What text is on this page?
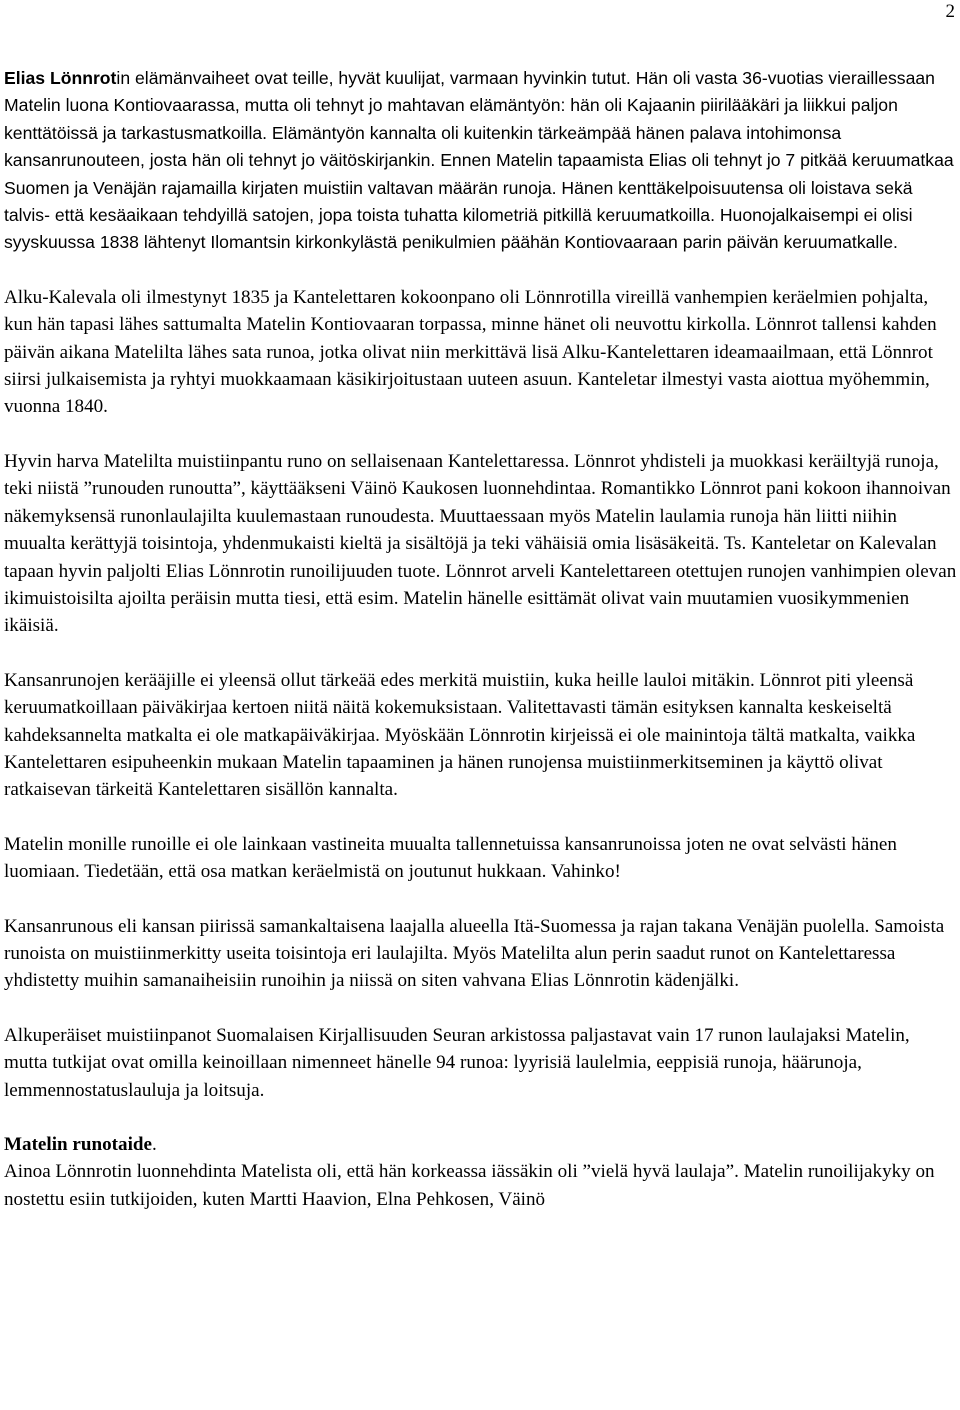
2

Elias Lönnrotin elämänvaiheet ovat teille, hyvät kuulijat, varmaan hyvinkin tutut. Hän oli vasta 36-vuotias vieraillessaan Matelin luona Kontiovaarassa, mutta oli tehnyt jo mahtavan elämäntyön: hän oli Kajaanin piirilääkäri ja liikkui paljon kenttätöissä ja tarkastusmatkoilla. Elämäntyön kannalta oli kuitenkin tärkeämpää hänen palava intohimonsa kansanrunouteen, josta hän oli tehnyt jo väitöskirjankin. Ennen Matelin tapaamista Elias oli tehnyt jo 7 pitkää keruumatkaa Suomen ja Venäjän rajamailla kirjaten muistiin valtavan määrän runoja. Hänen kenttäkelpoisuutensa oli loistava sekä talvis- että kesäaikaan tehdyillä satojen, jopa toista tuhatta kilometriä pitkillä keruumatkoilla. Huonojalkaisempi ei olisi syyskuussa 1838 lähtenyt Ilomantsin kirkonkylästä penikulmien päähän Kontiovaaraan parin päivän keruumatkalle.

Alku-Kalevala oli ilmestynyt 1835 ja Kantelettaren kokoonpano oli Lönnrotilla vireillä vanhempien keräelmien pohjalta, kun hän tapasi lähes sattumalta Matelin Kontiovaaran torpassa, minne hänet oli neuvottu kirkolla. Lönnrot tallensi kahden päivän aikana Matelilta lähes sata runoa, jotka olivat niin merkittävä lisä Alku-Kantelettaren ideamaailmaan, että Lönnrot siirsi julkaisemista ja ryhtyi muokkaamaan käsikirjoitustaan uuteen asuun. Kanteletar ilmestyi vasta aiottua myöhemmin, vuonna 1840.

Hyvin harva Matelilta muistiinpantu runo on sellaisenaan Kantelettaressa. Lönnrot yhdisteli ja muokkasi keräiltyjä runoja, teki niistä ”runouden runoutta”, käyttääkseni Väinö Kaukosen luonnehdintaa. Romantikko Lönnrot pani kokoon ihannoivan näkemyksensä runonlaulajilta kuulemastaan runoudesta. Muuttaessaan myös Matelin laulamia runoja hän liitti niihin muualta kerättyjä toisintoja, yhdenmukaisti kieltä ja sisältöjä ja teki vähäisiä omia lisäsäkeitä. Ts. Kanteletar on Kalevalan tapaan hyvin paljolti Elias Lönnrotin runoilijuuden tuote. Lönnrot arveli Kantelettareen otettujen runojen vanhimpien olevan ikimuistoisilta ajoilta peräisin mutta tiesi, että esim. Matelin hänelle esittämät olivat vain muutamien vuosikymmenien ikäisiä.

Kansanrunojen kerääjille ei yleensä ollut tärkeää edes merkitä muistiin, kuka heille lauloi mitäkin. Lönnrot piti yleensä keruumatkoillaan päiväkirjaa kertoen niitä näitä kokemuksistaan. Valitettavasti tämän esityksen kannalta keskeiseltä kahdeksannelta matkalta ei ole matkapäiväkirjaa. Myöskään Lönnrotin kirjeissä ei ole mainintoja tältä matkalta, vaikka Kantelettaren esipuheenkin mukaan Matelin tapaaminen ja hänen runojensa muistiinmerkitseminen ja käyttö olivat ratkaisevan tärkeitä Kantelettaren sisällön kannalta.

Matelin monille runoille ei ole lainkaan vastineita muualta tallennetuissa kansanrunoissa joten ne ovat selvästi hänen luomiaan. Tiedetään, että osa matkan keräelmistä on joutunut hukkaan. Vahinko!

Kansanrunous eli kansan piirissä samankaltaisena laajalla alueella Itä-Suomessa ja rajan takana Venäjän puolella. Samoista runoista on muistiinmerkitty useita toisintoja eri laulajilta. Myös Matelilta alun perin saadut runot on Kantelettaressa yhdistetty muihin samanaiheisiin runoihin ja niissä on siten vahvana Elias Lönnrotin kädenjälki.

Alkuperäiset muistiinpanot Suomalaisen Kirjallisuuden Seuran arkistossa paljastavat vain 17 runon laulajaksi Matelin, mutta tutkijat ovat omilla keinoillaan nimenneet hänelle 94 runoa: lyyrisiä laulelmia, eeppisiä runoja, häärunoja, lemmennostatuslauluja ja loitsuja.

Matelin runotaide.

Ainoa Lönnrotin luonnehdinta Matelista oli, että hän korkeassa iässäkin oli ”vielä hyvä laulaja”. Matelin runoilijakyky on nostettu esiin tutkijoiden, kuten Martti Haavion, Elna Pehkosen, Väinö
